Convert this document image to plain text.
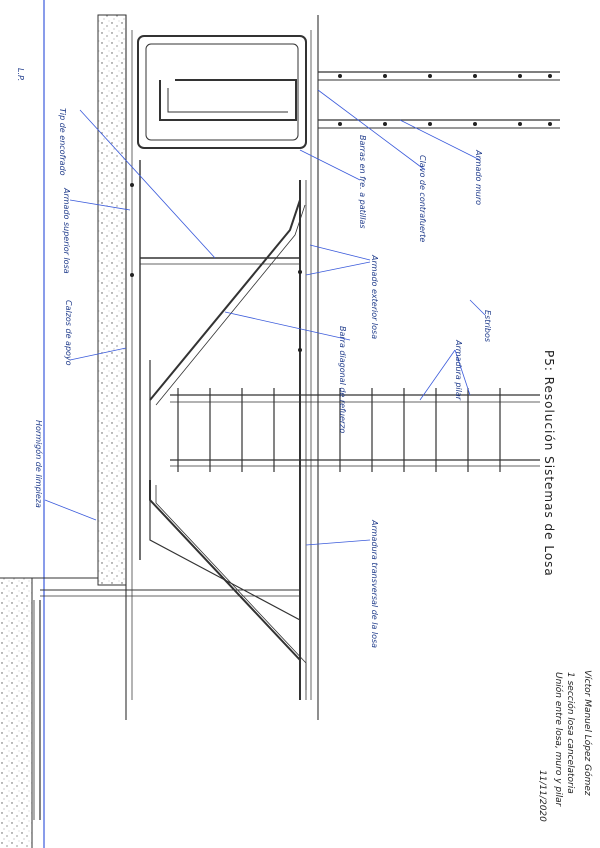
L.P.
Tip de encofrado
Armado superior losa
Calzos de apoyo
Hormigón de limpieza
Barras en fre. a patillas	Clavo de contrafuerte	Armado muro
Armado exterior losa
Barra diagonal de refuerzo	Estribos
Armadura pilar
Armadura transversal de la losa
P5: Resolución Sistemas de Losa
Víctor Manuel López Gómez
1 sección losa cancelatoria
Unión entre losa, muro y pilar
11/11/2020
